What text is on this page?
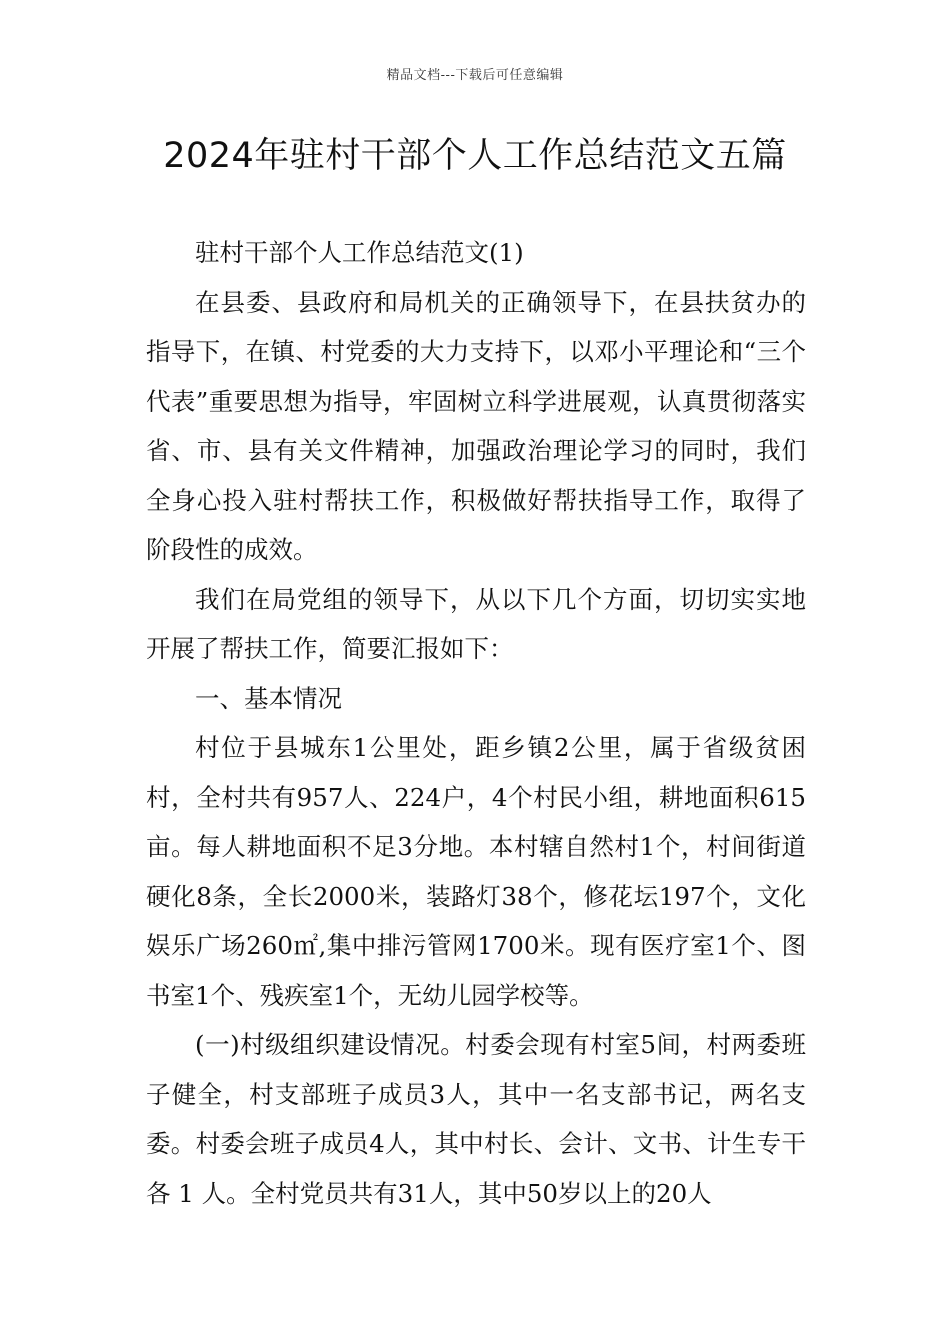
精品文档---下载后可任意编辑
2024年驻村干部个人工作总结范文五篇

驻村干部个人工作总结范文(1)

在县委、县政府和局机关的正确领导下，在县扶贫办的指导下，在镇、村党委的大力支持下，以邓小平理论和“三个代表”重要思想为指导，牢固树立科学进展观，认真贯彻落实省、市、县有关文件精神，加强政治理论学习的同时，我们全身心投入驻村帮扶工作，积极做好帮扶指导工作，取得了阶段性的成效。

我们在局党组的领导下，从以下几个方面，切切实实地开展了帮扶工作，简要汇报如下：

一、基本情况

村位于县城东1公里处，距乡镇2公里，属于省级贫困村，全村共有957人、224户，4个村民小组，耕地面积615亩。每人耕地面积不足3分地。本村辖自然村1个，村间街道硬化8条，全长2000米，装路灯38个，修花坛197个，文化娱乐广场260㎡,集中排污管网1700米。现有医疗室1个、图书室1个、残疾室1个，无幼儿园学校等。

(一)村级组织建设情况。村委会现有村室5间，村两委班子健全，村支部班子成员3人，其中一名支部书记，两名支委。村委会班子成员4人，其中村长、会计、文书、计生专干各 1 人。全村党员共有31人，其中50岁以上的20人
